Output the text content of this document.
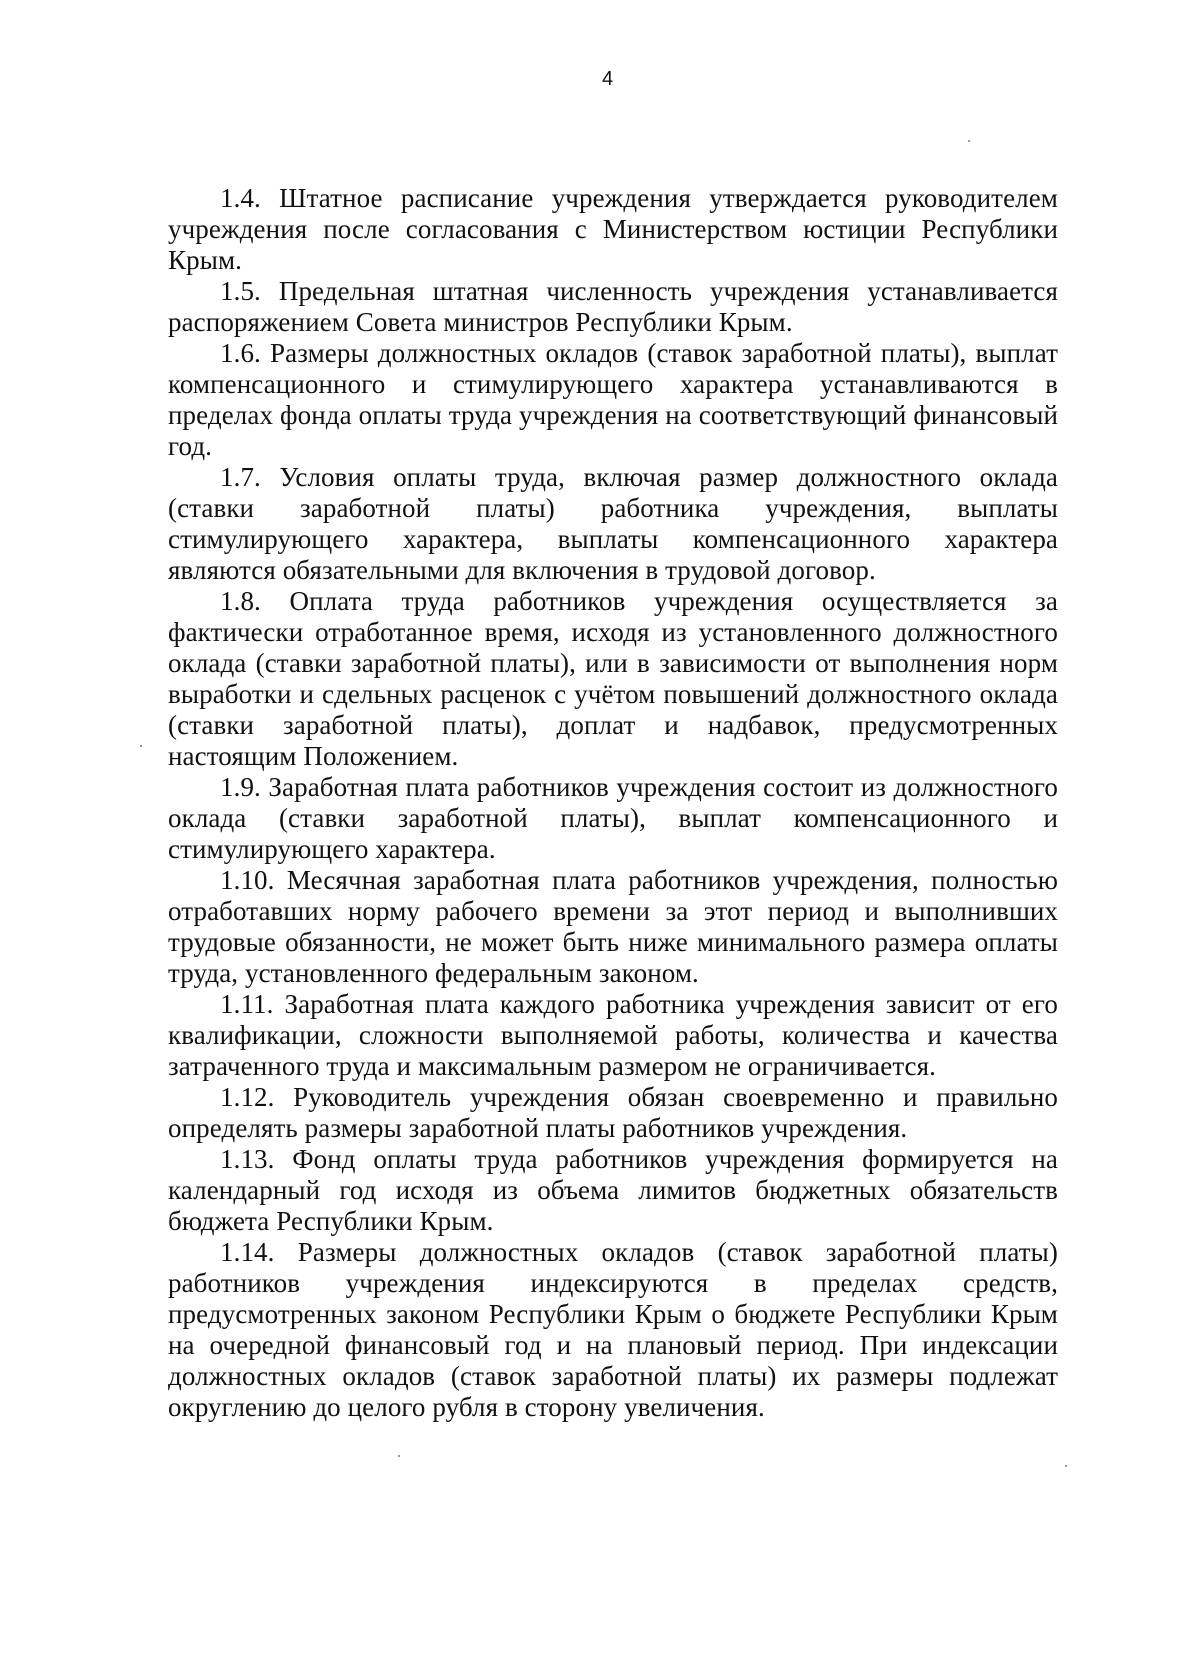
4

1.4. Штатное расписание учреждения утверждается руководителем учреждения после согласования с Министерством юстиции Республики Крым.

1.5. Предельная штатная численность учреждения устанавливается распоряжением Совета министров Республики Крым.

1.6. Размеры должностных окладов (ставок заработной платы), выплат компенсационного и стимулирующего характера устанавливаются в пределах фонда оплаты труда учреждения на соответствующий финансовый год.

1.7. Условия оплаты труда, включая размер должностного оклада (ставки заработной платы) работника учреждения, выплаты стимулирующего характера, выплаты компенсационного характера являются обязательными для включения в трудовой договор.

1.8. Оплата труда работников учреждения осуществляется за фактически отработанное время, исходя из установленного должностного оклада (ставки заработной платы), или в зависимости от выполнения норм выработки и сдельных расценок с учётом повышений должностного оклада (ставки заработной платы), доплат и надбавок, предусмотренных настоящим Положением.

1.9. Заработная плата работников учреждения состоит из должностного оклада (ставки заработной платы), выплат компенсационного и стимулирующего характера.

1.10. Месячная заработная плата работников учреждения, полностью отработавших норму рабочего времени за этот период и выполнивших трудовые обязанности, не может быть ниже минимального размера оплаты труда, установленного федеральным законом.

1.11. Заработная плата каждого работника учреждения зависит от его квалификации, сложности выполняемой работы, количества и качества затраченного труда и максимальным размером не ограничивается.

1.12. Руководитель учреждения обязан своевременно и правильно определять размеры заработной платы работников учреждения.

1.13. Фонд оплаты труда работников учреждения формируется на календарный год исходя из объема лимитов бюджетных обязательств бюджета Республики Крым.

1.14. Размеры должностных окладов (ставок заработной платы) работников учреждения индексируются в пределах средств, предусмотренных законом Республики Крым о бюджете Республики Крым на очередной финансовый год и на плановый период. При индексации должностных окладов (ставок заработной платы) их размеры подлежат округлению до целого рубля в сторону увеличения.
